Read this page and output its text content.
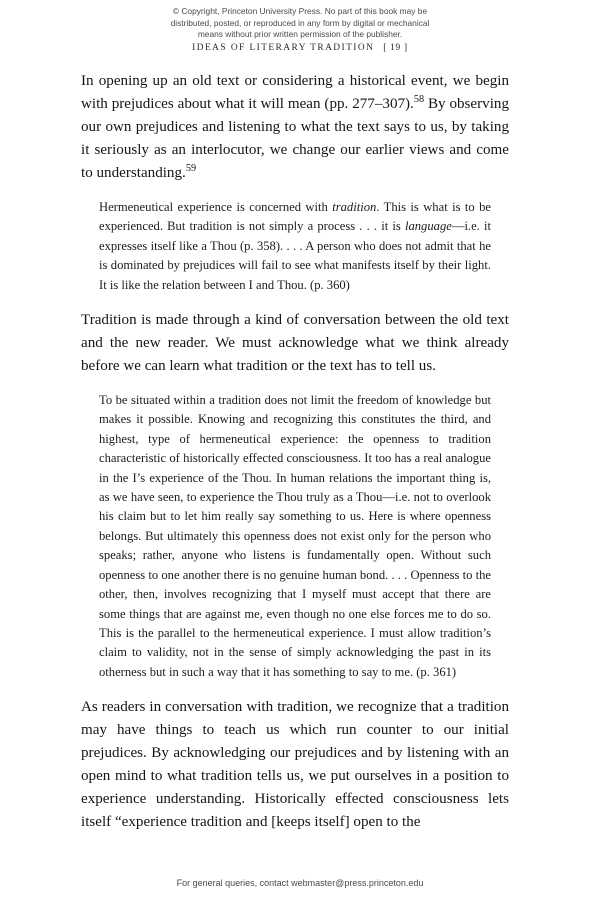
© Copyright, Princeton University Press. No part of this book may be
distributed, posted, or reproduced in any form by digital or mechanical
means without prior written permission of the publisher.
IDEAS OF LITERARY TRADITION [ 19 ]

In opening up an old text or considering a historical event, we begin with prejudices about what it will mean (pp. 277–307).$^{58}$ By observing our own prejudices and listening to what the text says to us, by taking it seriously as an interlocutor, we change our earlier views and come to understanding.$^{59}$

Hermeneutical experience is concerned with tradition. This is what is to be experienced. But tradition is not simply a process . . . it is language—i.e. it expresses itself like a Thou (p. 358). . . . A person who does not admit that he is dominated by prejudices will fail to see what manifests itself by their light. It is like the relation between I and Thou. (p. 360)

Tradition is made through a kind of conversation between the old text and the new reader. We must acknowledge what we think already before we can learn what tradition or the text has to tell us.

To be situated within a tradition does not limit the freedom of knowledge but makes it possible. Knowing and recognizing this constitutes the third, and highest, type of hermeneutical experience: the openness to tradition characteristic of historically effected consciousness. It too has a real analogue in the I’s experience of the Thou. In human relations the important thing is, as we have seen, to experience the Thou truly as a Thou—i.e. not to overlook his claim but to let him really say something to us. Here is where openness belongs. But ultimately this openness does not exist only for the person who speaks; rather, anyone who listens is fundamentally open. Without such openness to one another there is no genuine human bond. . . . Openness to the other, then, involves recognizing that I myself must accept that there are some things that are against me, even though no one else forces me to do so. This is the parallel to the hermeneutical experience. I must allow tradition’s claim to validity, not in the sense of simply acknowledging the past in its otherness but in such a way that it has something to say to me. (p. 361)

As readers in conversation with tradition, we recognize that a tradition may have things to teach us which run counter to our initial prejudices. By acknowledging our prejudices and by listening with an open mind to what tradition tells us, we put ourselves in a position to experience understanding. Historically effected consciousness lets itself “experience tradition and [keeps itself] open to the

For general queries, contact webmaster@press.princeton.edu
